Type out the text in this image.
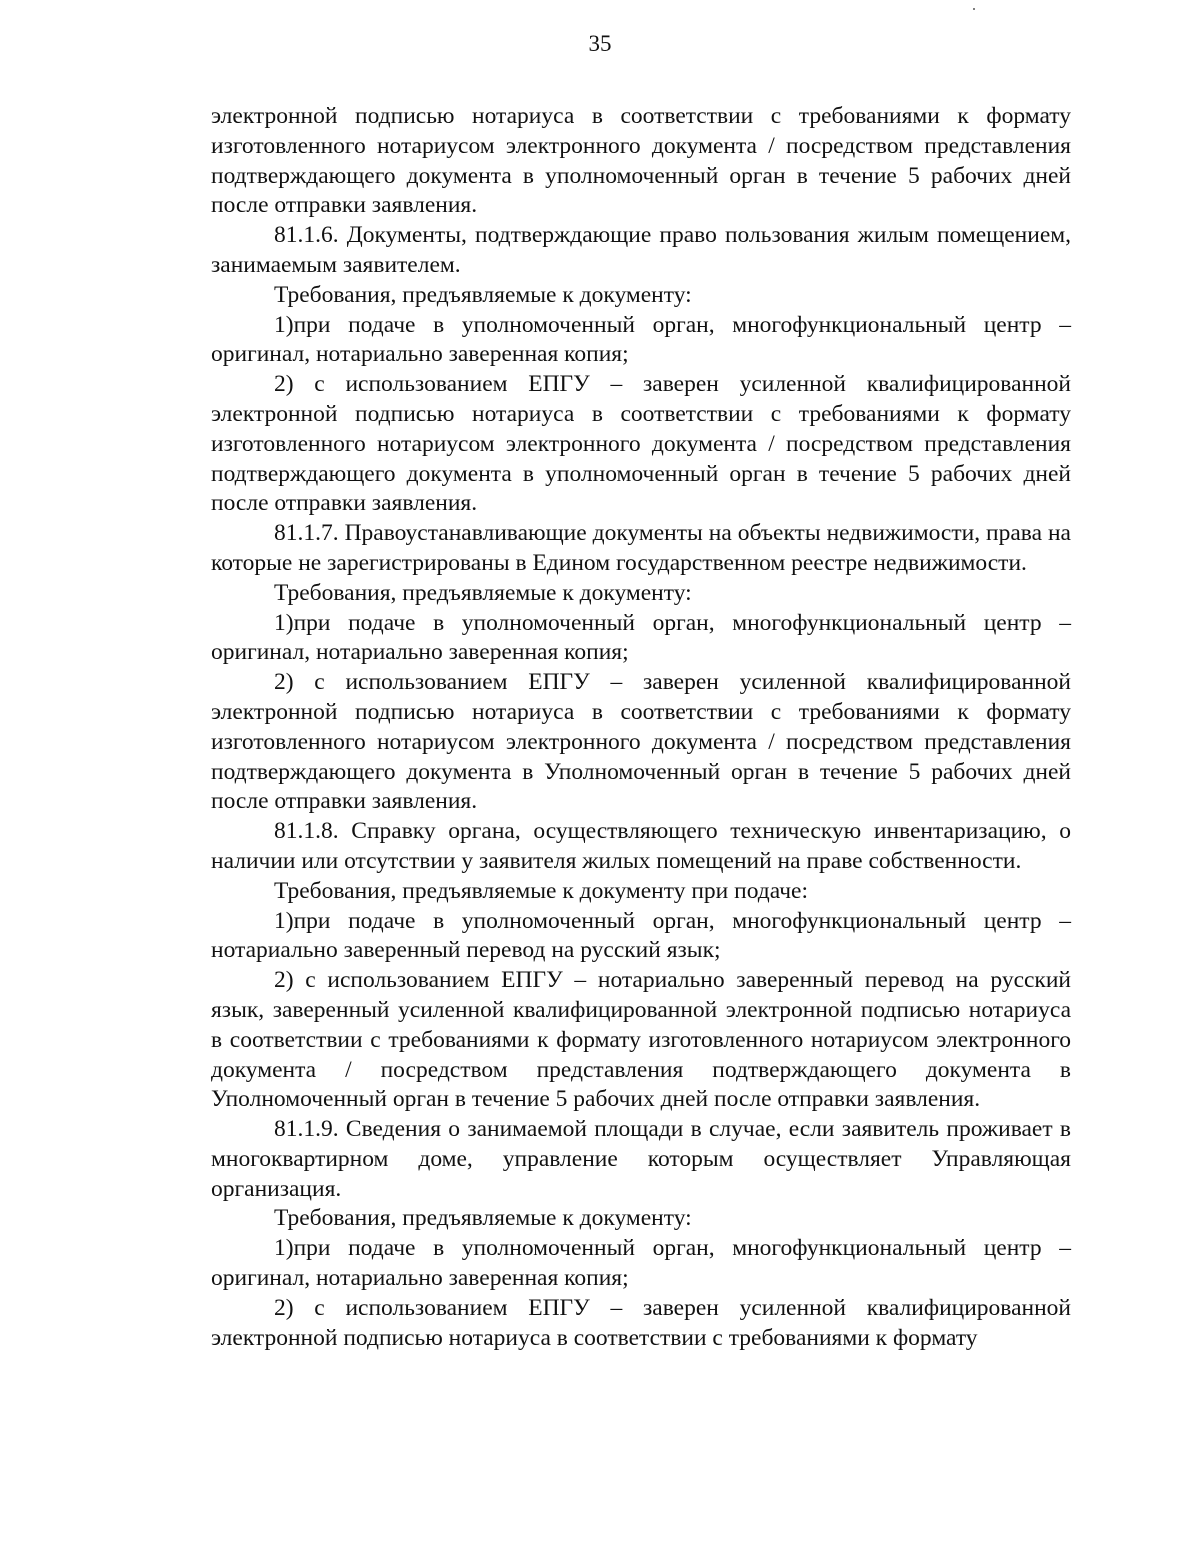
35

электронной подписью нотариуса в соответствии с требованиями к формату изготовленного нотариусом электронного документа / посредством представления подтверждающего документа в уполномоченный орган в течение 5 рабочих дней после отправки заявления.

81.1.6. Документы, подтверждающие право пользования жилым помещением, занимаемым заявителем.

Требования, предъявляемые к документу:

1)при подаче в уполномоченный орган, многофункциональный центр – оригинал, нотариально заверенная копия;

2) с использованием ЕПГУ – заверен усиленной квалифицированной электронной подписью нотариуса в соответствии с требованиями к формату изготовленного нотариусом электронного документа / посредством представления подтверждающего документа в уполномоченный орган в течение 5 рабочих дней после отправки заявления.

81.1.7. Правоустанавливающие документы на объекты недвижимости, права на которые не зарегистрированы в Едином государственном реестре недвижимости.

Требования, предъявляемые к документу:

1)при подаче в уполномоченный орган, многофункциональный центр – оригинал, нотариально заверенная копия;

2) с использованием ЕПГУ – заверен усиленной квалифицированной электронной подписью нотариуса в соответствии с требованиями к формату изготовленного нотариусом электронного документа / посредством представления подтверждающего документа в Уполномоченный орган в течение 5 рабочих дней после отправки заявления.

81.1.8. Справку органа, осуществляющего техническую инвентаризацию, о наличии или отсутствии у заявителя жилых помещений на праве собственности.

Требования, предъявляемые к документу при подаче:

1)при подаче в уполномоченный орган, многофункциональный центр – нотариально заверенный перевод на русский язык;

2) с использованием ЕПГУ – нотариально заверенный перевод на русский язык, заверенный усиленной квалифицированной электронной подписью нотариуса в соответствии с требованиями к формату изготовленного нотариусом электронного документа / посредством представления подтверждающего документа в Уполномоченный орган в течение 5 рабочих дней после отправки заявления.

81.1.9. Сведения о занимаемой площади в случае, если заявитель проживает в многоквартирном доме, управление которым осуществляет Управляющая организация.

Требования, предъявляемые к документу:

1)при подаче в уполномоченный орган, многофункциональный центр – оригинал, нотариально заверенная копия;

2) с использованием ЕПГУ – заверен усиленной квалифицированной электронной подписью нотариуса в соответствии с требованиями к формату
